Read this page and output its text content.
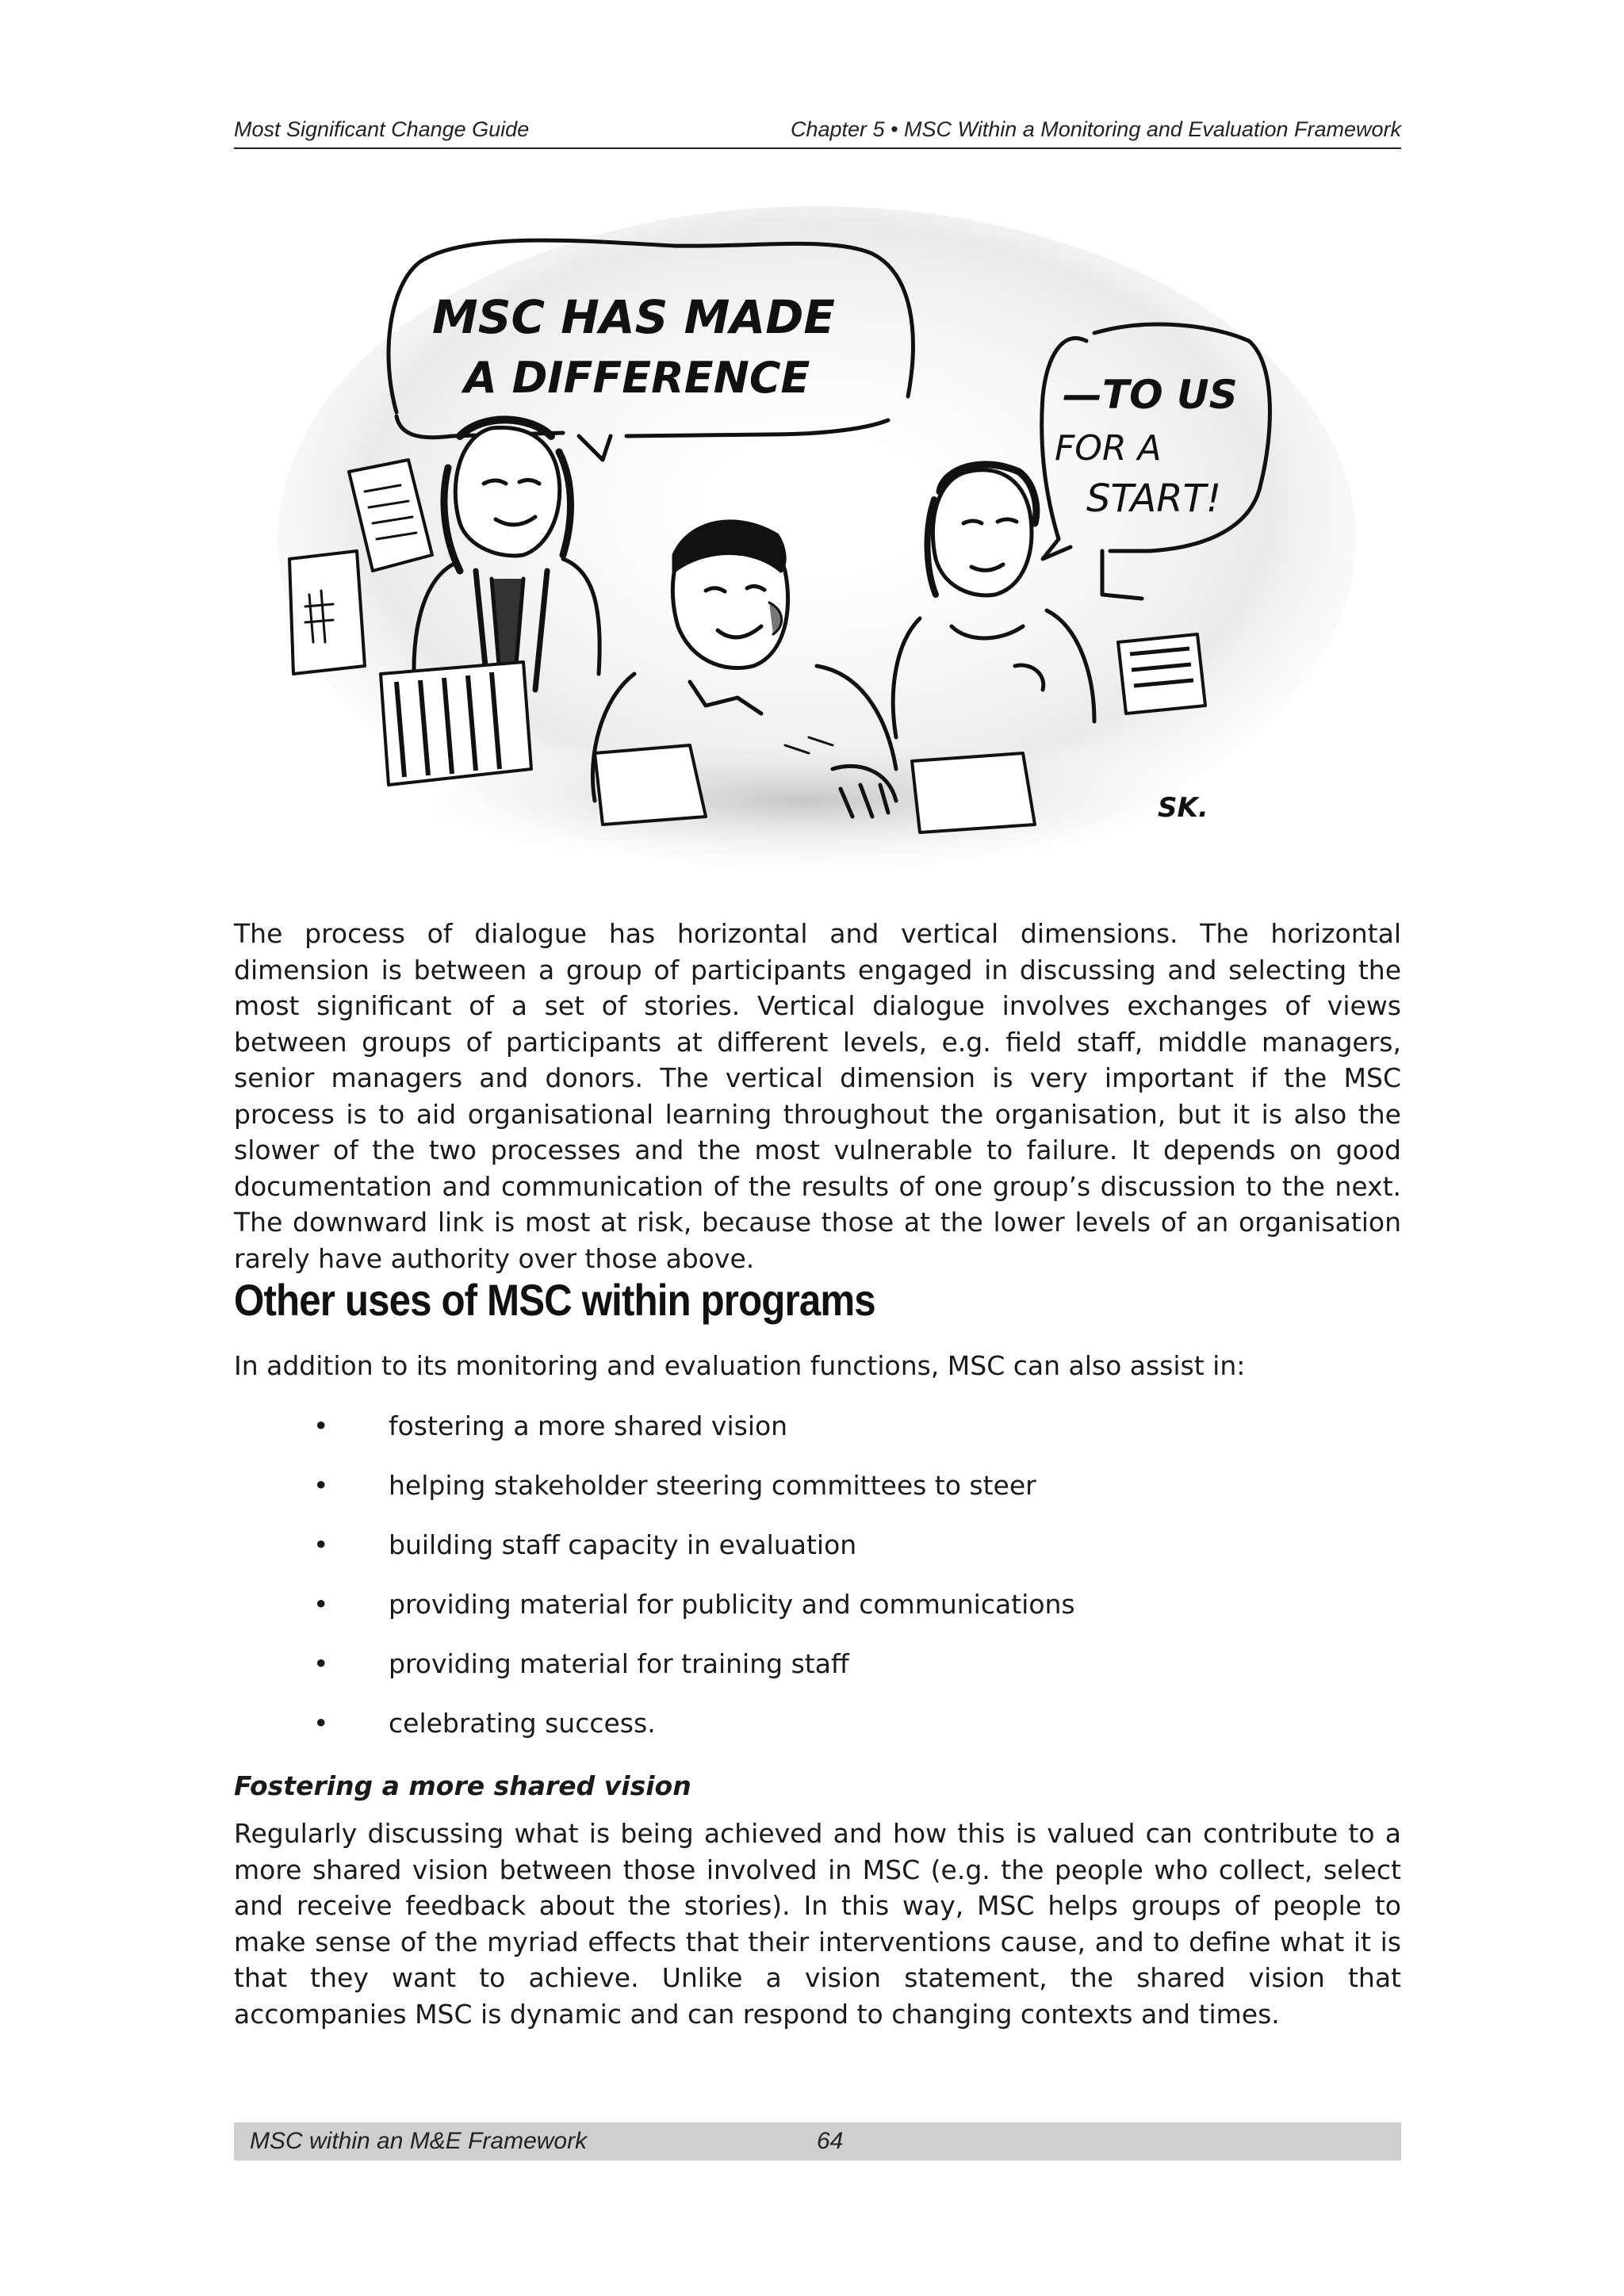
Most Significant Change Guide	Chapter 5 • MSC Within a Monitoring and Evaluation Framework
MSC HAS MADE
A DIFFERENCE	—TO US
FOR A
START!
SK.

The process of dialogue has horizontal and vertical dimensions. The horizontal dimension is between a group of participants engaged in discussing and selecting the most significant of a set of stories. Vertical dialogue involves exchanges of views between groups of participants at different levels, e.g. field staff, middle managers, senior managers and donors. The vertical dimension is very important if the MSC process is to aid organisational learning throughout the organisation, but it is also the slower of the two processes and the most vulnerable to failure. It depends on good documentation and communication of the results of one group’s discussion to the next. The downward link is most at risk, because those at the lower levels of an organisation rarely have authority over those above.

Other uses of MSC within programs

In addition to its monitoring and evaluation functions, MSC can also assist in:

• fostering a more shared vision
• helping stakeholder steering committees to steer
• building staff capacity in evaluation
• providing material for publicity and communications
• providing material for training staff
• celebrating success.
Fostering a more shared vision

Regularly discussing what is being achieved and how this is valued can contribute to a more shared vision between those involved in MSC (e.g. the people who collect, select and receive feedback about the stories). In this way, MSC helps groups of people to make sense of the myriad effects that their interventions cause, and to define what it is that they want to achieve. Unlike a vision statement, the shared vision that accompanies MSC is dynamic and can respond to changing contexts and times.

MSC within an M&E Framework	64
